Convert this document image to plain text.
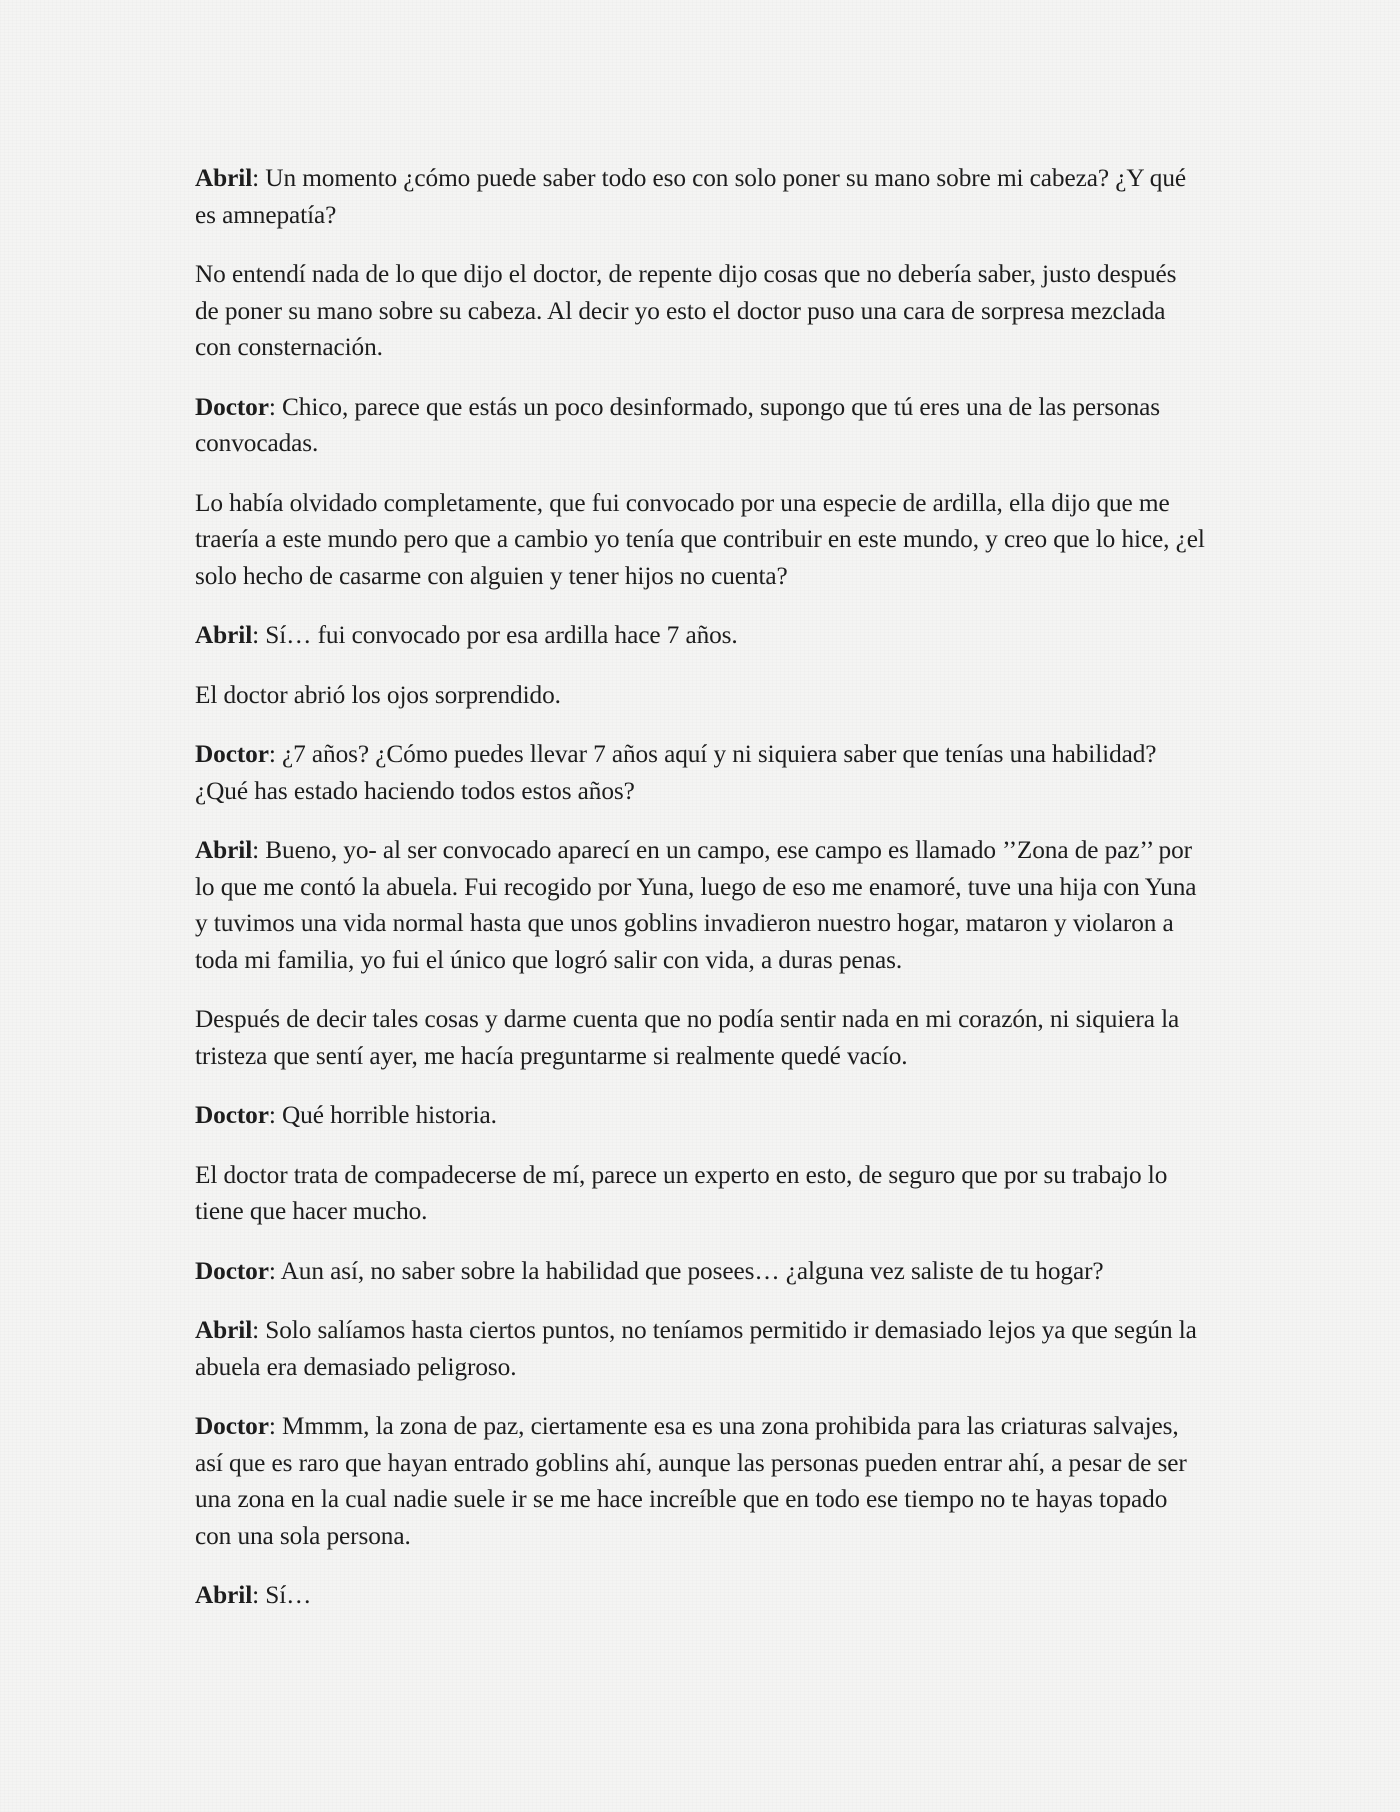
Abril: Un momento ¿cómo puede saber todo eso con solo poner su mano sobre mi cabeza? ¿Y qué es amnepatía?

No entendí nada de lo que dijo el doctor, de repente dijo cosas que no debería saber, justo después de poner su mano sobre su cabeza. Al decir yo esto el doctor puso una cara de sorpresa mezclada con consternación.

Doctor: Chico, parece que estás un poco desinformado, supongo que tú eres una de las personas convocadas.

Lo había olvidado completamente, que fui convocado por una especie de ardilla, ella dijo que me traería a este mundo pero que a cambio yo tenía que contribuir en este mundo, y creo que lo hice, ¿el solo hecho de casarme con alguien y tener hijos no cuenta?

Abril: Sí… fui convocado por esa ardilla hace 7 años.

El doctor abrió los ojos sorprendido.

Doctor: ¿7 años? ¿Cómo puedes llevar 7 años aquí y ni siquiera saber que tenías una habilidad? ¿Qué has estado haciendo todos estos años?

Abril: Bueno, yo- al ser convocado aparecí en un campo, ese campo es llamado ’’Zona de paz’’ por lo que me contó la abuela. Fui recogido por Yuna, luego de eso me enamoré, tuve una hija con Yuna y tuvimos una vida normal hasta que unos goblins invadieron nuestro hogar, mataron y violaron a toda mi familia, yo fui el único que logró salir con vida, a duras penas.

Después de decir tales cosas y darme cuenta que no podía sentir nada en mi corazón, ni siquiera la tristeza que sentí ayer, me hacía preguntarme si realmente quedé vacío.

Doctor: Qué horrible historia.

El doctor trata de compadecerse de mí, parece un experto en esto, de seguro que por su trabajo lo tiene que hacer mucho.

Doctor: Aun así, no saber sobre la habilidad que posees… ¿alguna vez saliste de tu hogar?

Abril: Solo salíamos hasta ciertos puntos, no teníamos permitido ir demasiado lejos ya que según la abuela era demasiado peligroso.

Doctor: Mmmm, la zona de paz, ciertamente esa es una zona prohibida para las criaturas salvajes, así que es raro que hayan entrado goblins ahí, aunque las personas pueden entrar ahí, a pesar de ser una zona en la cual nadie suele ir se me hace increíble que en todo ese tiempo no te hayas topado con una sola persona.

Abril: Sí…
